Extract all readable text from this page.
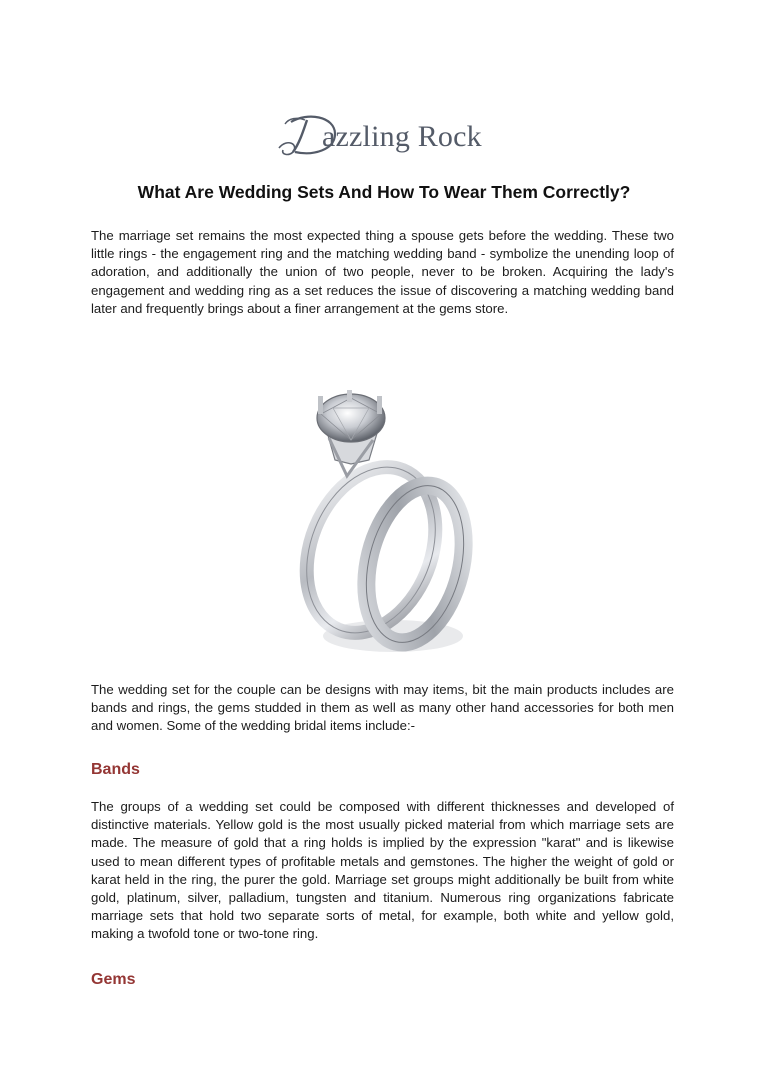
azzling Rock
What Are Wedding Sets And How To Wear Them Correctly?
The marriage set remains the most expected thing a spouse gets before the wedding. These two little rings - the engagement ring and the matching wedding band - symbolize the unending loop of adoration, and additionally the union of two people, never to be broken. Acquiring the lady's engagement and wedding ring as a set reduces the issue of discovering a matching wedding band later and frequently brings about a finer arrangement at the gems store.
The wedding set for the couple can be designs with may items, bit the main products includes are bands and rings, the gems studded in them as well as many other hand accessories for both men and women. Some of the wedding bridal items include:-
Bands
The groups of a wedding set could be composed with different thicknesses and developed of distinctive materials. Yellow gold is the most usually picked material from which marriage sets are made. The measure of gold that a ring holds is implied by the expression "karat" and is likewise used to mean different types of profitable metals and gemstones. The higher the weight of gold or karat held in the ring, the purer the gold. Marriage set groups might additionally be built from white gold, platinum, silver, palladium, tungsten and titanium. Numerous ring organizations fabricate marriage sets that hold two separate sorts of metal, for example, both white and yellow gold, making a twofold tone or two-tone ring.
Gems
